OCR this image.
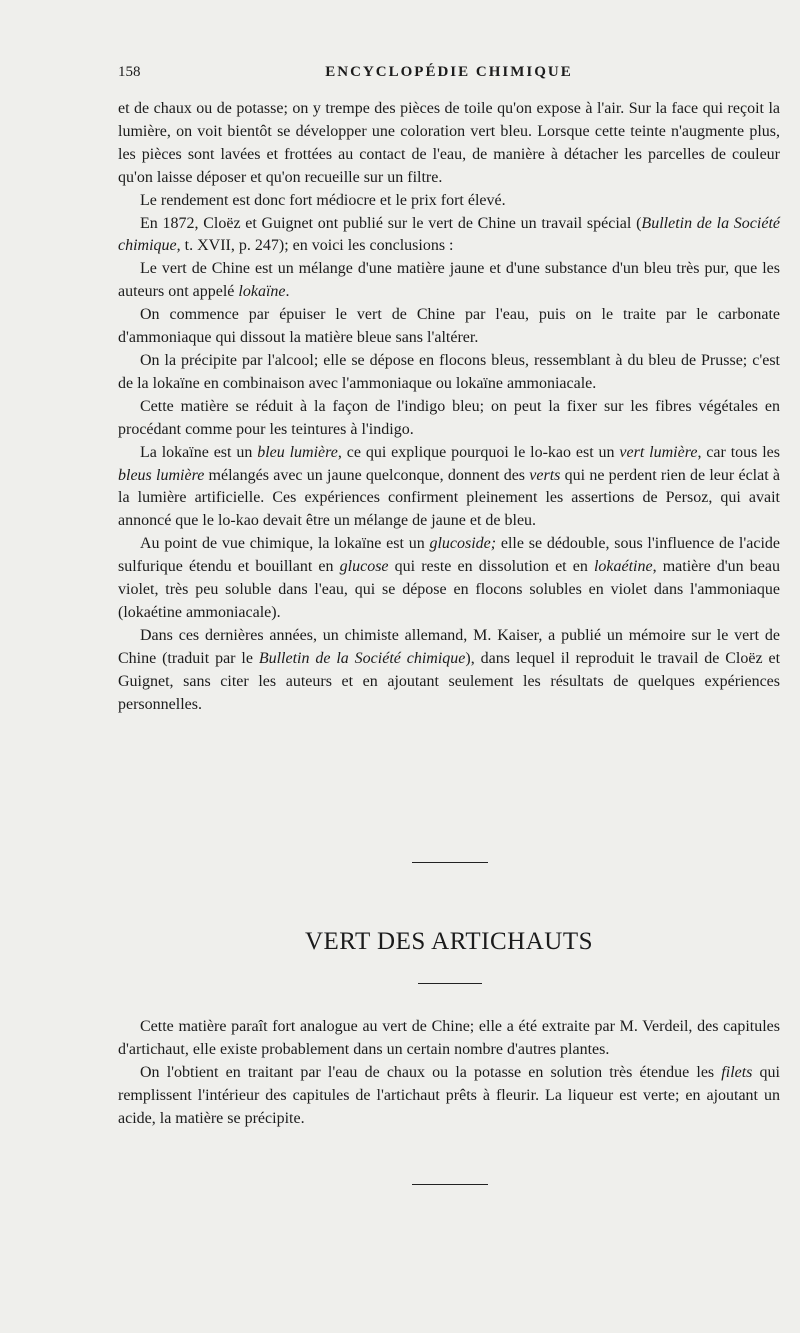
158	ENCYCLOPÉDIE CHIMIQUE

et de chaux ou de potasse; on y trempe des pièces de toile qu'on expose à l'air. Sur la face qui reçoit la lumière, on voit bientôt se développer une coloration vert bleu. Lorsque cette teinte n'augmente plus, les pièces sont lavées et frottées au contact de l'eau, de manière à détacher les parcelles de couleur qu'on laisse déposer et qu'on recueille sur un filtre.

Le rendement est donc fort médiocre et le prix fort élevé.

En 1872, Cloëz et Guignet ont publié sur le vert de Chine un travail spécial (Bulletin de la Société chimique, t. XVII, p. 247); en voici les conclusions :

Le vert de Chine est un mélange d'une matière jaune et d'une substance d'un bleu très pur, que les auteurs ont appelé lokaïne.

On commence par épuiser le vert de Chine par l'eau, puis on le traite par le carbonate d'ammoniaque qui dissout la matière bleue sans l'altérer.

On la précipite par l'alcool; elle se dépose en flocons bleus, ressemblant à du bleu de Prusse; c'est de la lokaïne en combinaison avec l'ammoniaque ou lokaïne ammoniacale.

Cette matière se réduit à la façon de l'indigo bleu; on peut la fixer sur les fibres végétales en procédant comme pour les teintures à l'indigo.

La lokaïne est un bleu lumière, ce qui explique pourquoi le lo-kao est un vert lumière, car tous les bleus lumière mélangés avec un jaune quelconque, donnent des verts qui ne perdent rien de leur éclat à la lumière artificielle. Ces expériences confirment pleinement les assertions de Persoz, qui avait annoncé que le lo-kao devait être un mélange de jaune et de bleu.

Au point de vue chimique, la lokaïne est un glucoside; elle se dédouble, sous l'influence de l'acide sulfurique étendu et bouillant en glucose qui reste en dissolution et en lokaétine, matière d'un beau violet, très peu soluble dans l'eau, qui se dépose en flocons solubles en violet dans l'ammoniaque (lokaétine ammoniacale).

Dans ces dernières années, un chimiste allemand, M. Kaiser, a publié un mémoire sur le vert de Chine (traduit par le Bulletin de la Société chimique), dans lequel il reproduit le travail de Cloëz et Guignet, sans citer les auteurs et en ajoutant seulement les résultats de quelques expériences personnelles.

VERT DES ARTICHAUTS

Cette matière paraît fort analogue au vert de Chine; elle a été extraite par M. Verdeil, des capitules d'artichaut, elle existe probablement dans un certain nombre d'autres plantes.

On l'obtient en traitant par l'eau de chaux ou la potasse en solution très étendue les filets qui remplissent l'intérieur des capitules de l'artichaut prêts à fleurir. La liqueur est verte; en ajoutant un acide, la matière se précipite.
